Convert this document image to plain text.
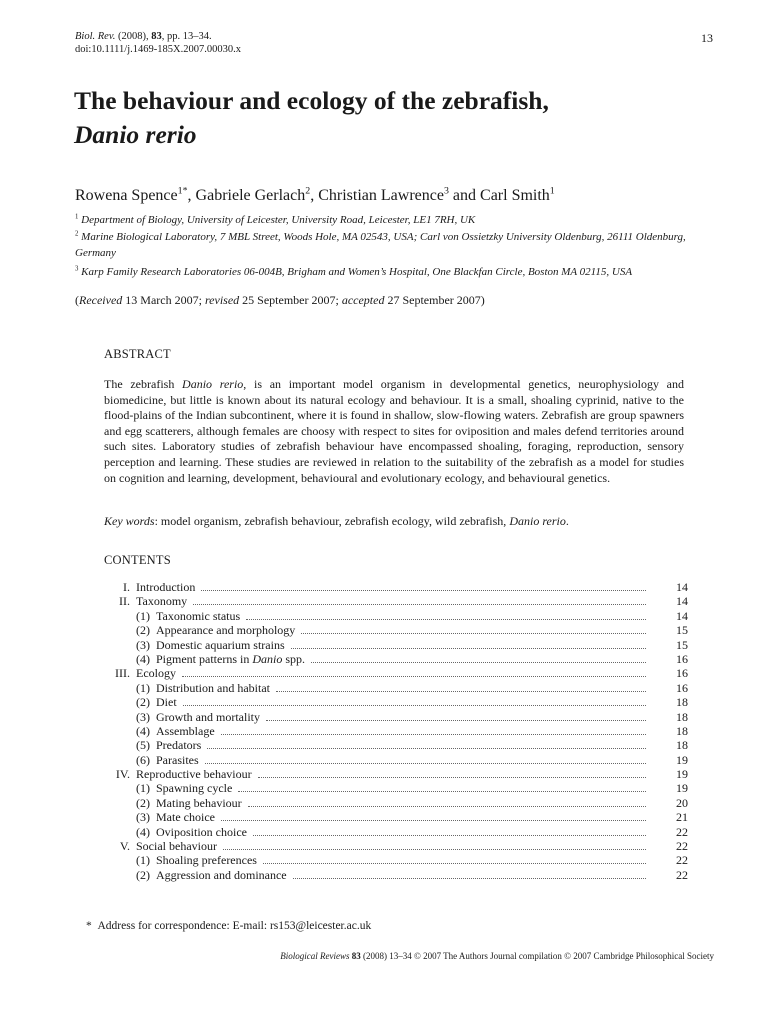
Biol. Rev. (2008), 83, pp. 13–34.
doi:10.1111/j.1469-185X.2007.00030.x
13
The behaviour and ecology of the zebrafish,
Danio rerio
Rowena Spence$^{1*}$, Gabriele Gerlach$^2$, Christian Lawrence$^3$ and Carl Smith$^1$
$^1$ Department of Biology, University of Leicester, University Road, Leicester, LE1 7RH, UK
$^2$ Marine Biological Laboratory, 7 MBL Street, Woods Hole, MA 02543, USA; Carl von Ossietzky University Oldenburg, 26111 Oldenburg, Germany
$^3$ Karp Family Research Laboratories 06-004B, Brigham and Women’s Hospital, One Blackfan Circle, Boston MA 02115, USA
(Received 13 March 2007; revised 25 September 2007; accepted 27 September 2007)
ABSTRACT
The zebrafish Danio rerio, is an important model organism in developmental genetics, neurophysiology and biomedicine, but little is known about its natural ecology and behaviour. It is a small, shoaling cyprinid, native to the flood-plains of the Indian subcontinent, where it is found in shallow, slow-flowing waters. Zebrafish are group spawners and egg scatterers, although females are choosy with respect to sites for oviposition and males defend territories around such sites. Laboratory studies of zebrafish behaviour have encompassed shoaling, foraging, reproduction, sensory perception and learning. These studies are reviewed in relation to the suitability of the zebrafish as a model for studies on cognition and learning, development, behavioural and evolutionary ecology, and behavioural genetics.
Key words: model organism, zebrafish behaviour, zebrafish ecology, wild zebrafish, Danio rerio.
CONTENTS
I. Introduction	14
II. Taxonomy	14
(1) Taxonomic status	14
(2) Appearance and morphology	15
(3) Domestic aquarium strains	15
(4) Pigment patterns in Danio spp.	16
III. Ecology	16
(1) Distribution and habitat	16
(2) Diet	18
(3) Growth and mortality	18
(4) Assemblage	18
(5) Predators	18
(6) Parasites	19
IV. Reproductive behaviour	19
(1) Spawning cycle	19
(2) Mating behaviour	20
(3) Mate choice	21
(4) Oviposition choice	22
V. Social behaviour	22
(1) Shoaling preferences	22
(2) Aggression and dominance	22
* Address for correspondence: E-mail: rs153@leicester.ac.uk
Biological Reviews 83 (2008) 13–34 © 2007 The Authors Journal compilation © 2007 Cambridge Philosophical Society
